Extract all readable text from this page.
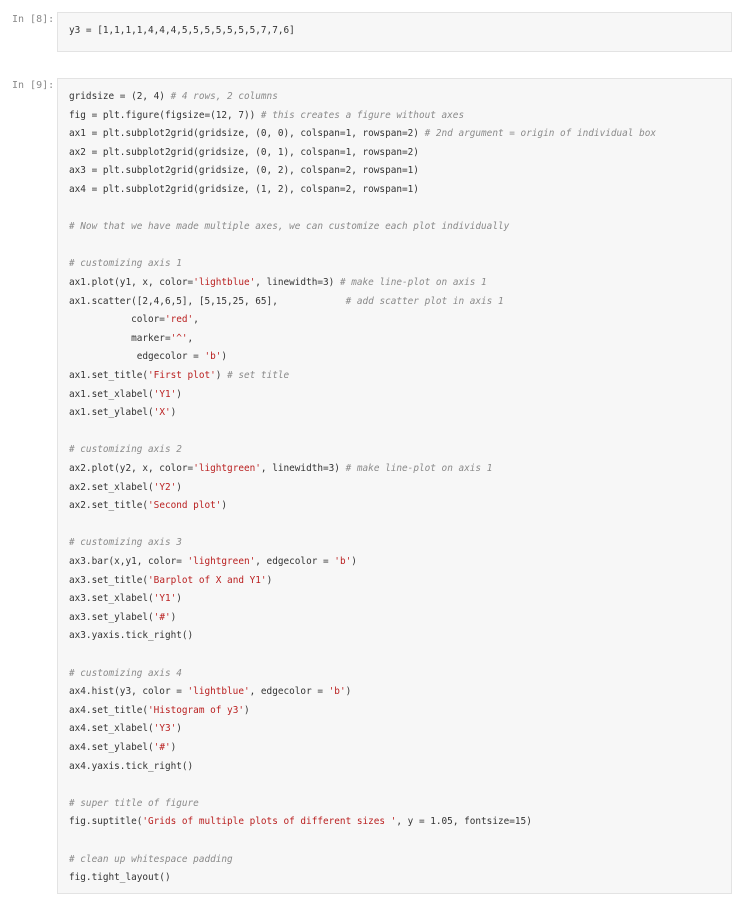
In [8]:
y3 = [1,1,1,1,4,4,4,5,5,5,5,5,5,5,7,7,6]
In [9]:
gridsize = (2, 4) # 4 rows, 2 columns
fig = plt.figure(figsize=(12, 7)) # this creates a figure without axes
ax1 = plt.subplot2grid(gridsize, (0, 0), colspan=1, rowspan=2) # 2nd argument = origin of individual box
ax2 = plt.subplot2grid(gridsize, (0, 1), colspan=1, rowspan=2)
ax3 = plt.subplot2grid(gridsize, (0, 2), colspan=2, rowspan=1)
ax4 = plt.subplot2grid(gridsize, (1, 2), colspan=2, rowspan=1)
# Now that we have made multiple axes, we can customize each plot individually
# customizing axis 1
ax1.plot(y1, x, color='lightblue', linewidth=3) # make line-plot on axis 1
ax1.scatter([2,4,6,5], [5,15,25, 65],            # add scatter plot in axis 1
color='red',
marker='^',
edgecolor = 'b')
ax1.set_title('First plot') # set title
ax1.set_xlabel('Y1')
ax1.set_ylabel('X')
# customizing axis 2
ax2.plot(y2, x, color='lightgreen', linewidth=3) # make line-plot on axis 1
ax2.set_xlabel('Y2')
ax2.set_title('Second plot')
# customizing axis 3
ax3.bar(x,y1, color= 'lightgreen', edgecolor = 'b')
ax3.set_title('Barplot of X and Y1')
ax3.set_xlabel('Y1')
ax3.set_ylabel('#')
ax3.yaxis.tick_right()
# customizing axis 4
ax4.hist(y3, color = 'lightblue', edgecolor = 'b')
ax4.set_title('Histogram of y3')
ax4.set_xlabel('Y3')
ax4.set_ylabel('#')
ax4.yaxis.tick_right()
# super title of figure
fig.suptitle('Grids of multiple plots of different sizes ', y = 1.05, fontsize=15)
# clean up whitespace padding
fig.tight_layout()
